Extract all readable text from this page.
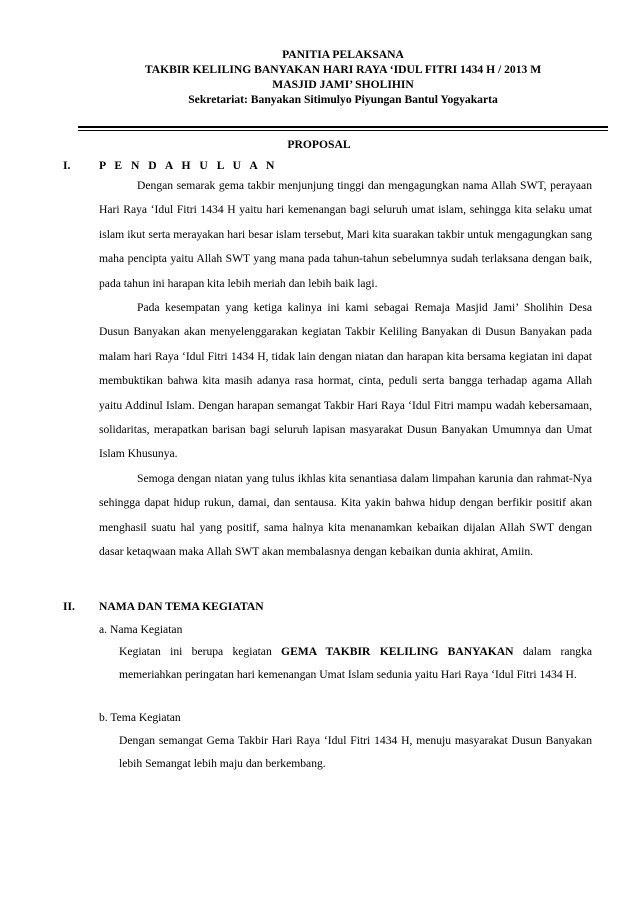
PANITIA PELAKSANA
TAKBIR KELILING BANYAKAN HARI RAYA ‘IDUL FITRI 1434 H / 2013 M
MASJID JAMI’ SHOLIHIN
Sekretariat: Banyakan Sitimulyo Piyungan Bantul Yogyakarta
PROPOSAL
I. P E N D A H U L U A N

Dengan semarak gema takbir menjunjung tinggi dan mengagungkan nama Allah SWT, perayaan Hari Raya ‘Idul Fitri 1434 H yaitu hari kemenangan bagi seluruh umat islam, sehingga kita selaku umat islam ikut serta merayakan hari besar islam tersebut, Mari kita suarakan takbir untuk mengagungkan sang maha pencipta yaitu Allah SWT yang mana pada tahun-tahun sebelumnya sudah terlaksana dengan baik, pada tahun ini harapan kita lebih meriah dan lebih baik lagi.

Pada kesempatan yang ketiga kalinya ini kami sebagai Remaja Masjid Jami’ Sholihin Desa Dusun Banyakan akan menyelenggarakan kegiatan Takbir Keliling Banyakan di Dusun Banyakan pada malam hari Raya ‘Idul Fitri 1434 H, tidak lain dengan niatan dan harapan kita bersama kegiatan ini dapat membuktikan bahwa kita masih adanya rasa hormat, cinta, peduli serta bangga terhadap agama Allah yaitu Addinul Islam. Dengan harapan semangat Takbir Hari Raya ‘Idul Fitri mampu wadah kebersamaan, solidaritas, merapatkan barisan bagi seluruh lapisan masyarakat Dusun Banyakan Umumnya dan Umat Islam Khusunya.

Semoga dengan niatan yang tulus ikhlas kita senantiasa dalam limpahan karunia dan rahmat-Nya sehingga dapat hidup rukun, damai, dan sentausa. Kita yakin bahwa hidup dengan berfikir positif akan menghasil suatu hal yang positif, sama halnya kita menanamkan kebaikan dijalan Allah SWT dengan dasar ketaqwaan maka Allah SWT akan membalasnya dengan kebaikan dunia akhirat, Amiin.

II. NAMA DAN TEMA KEGIATAN
a. Nama Kegiatan
Kegiatan ini berupa kegiatan GEMA TAKBIR KELILING BANYAKAN dalam rangka memeriahkan peringatan hari kemenangan Umat Islam sedunia yaitu Hari Raya ‘Idul Fitri 1434 H.
b. Tema Kegiatan
Dengan semangat Gema Takbir Hari Raya ‘Idul Fitri 1434 H, menuju masyarakat Dusun Banyakan lebih Semangat lebih maju dan berkembang.
